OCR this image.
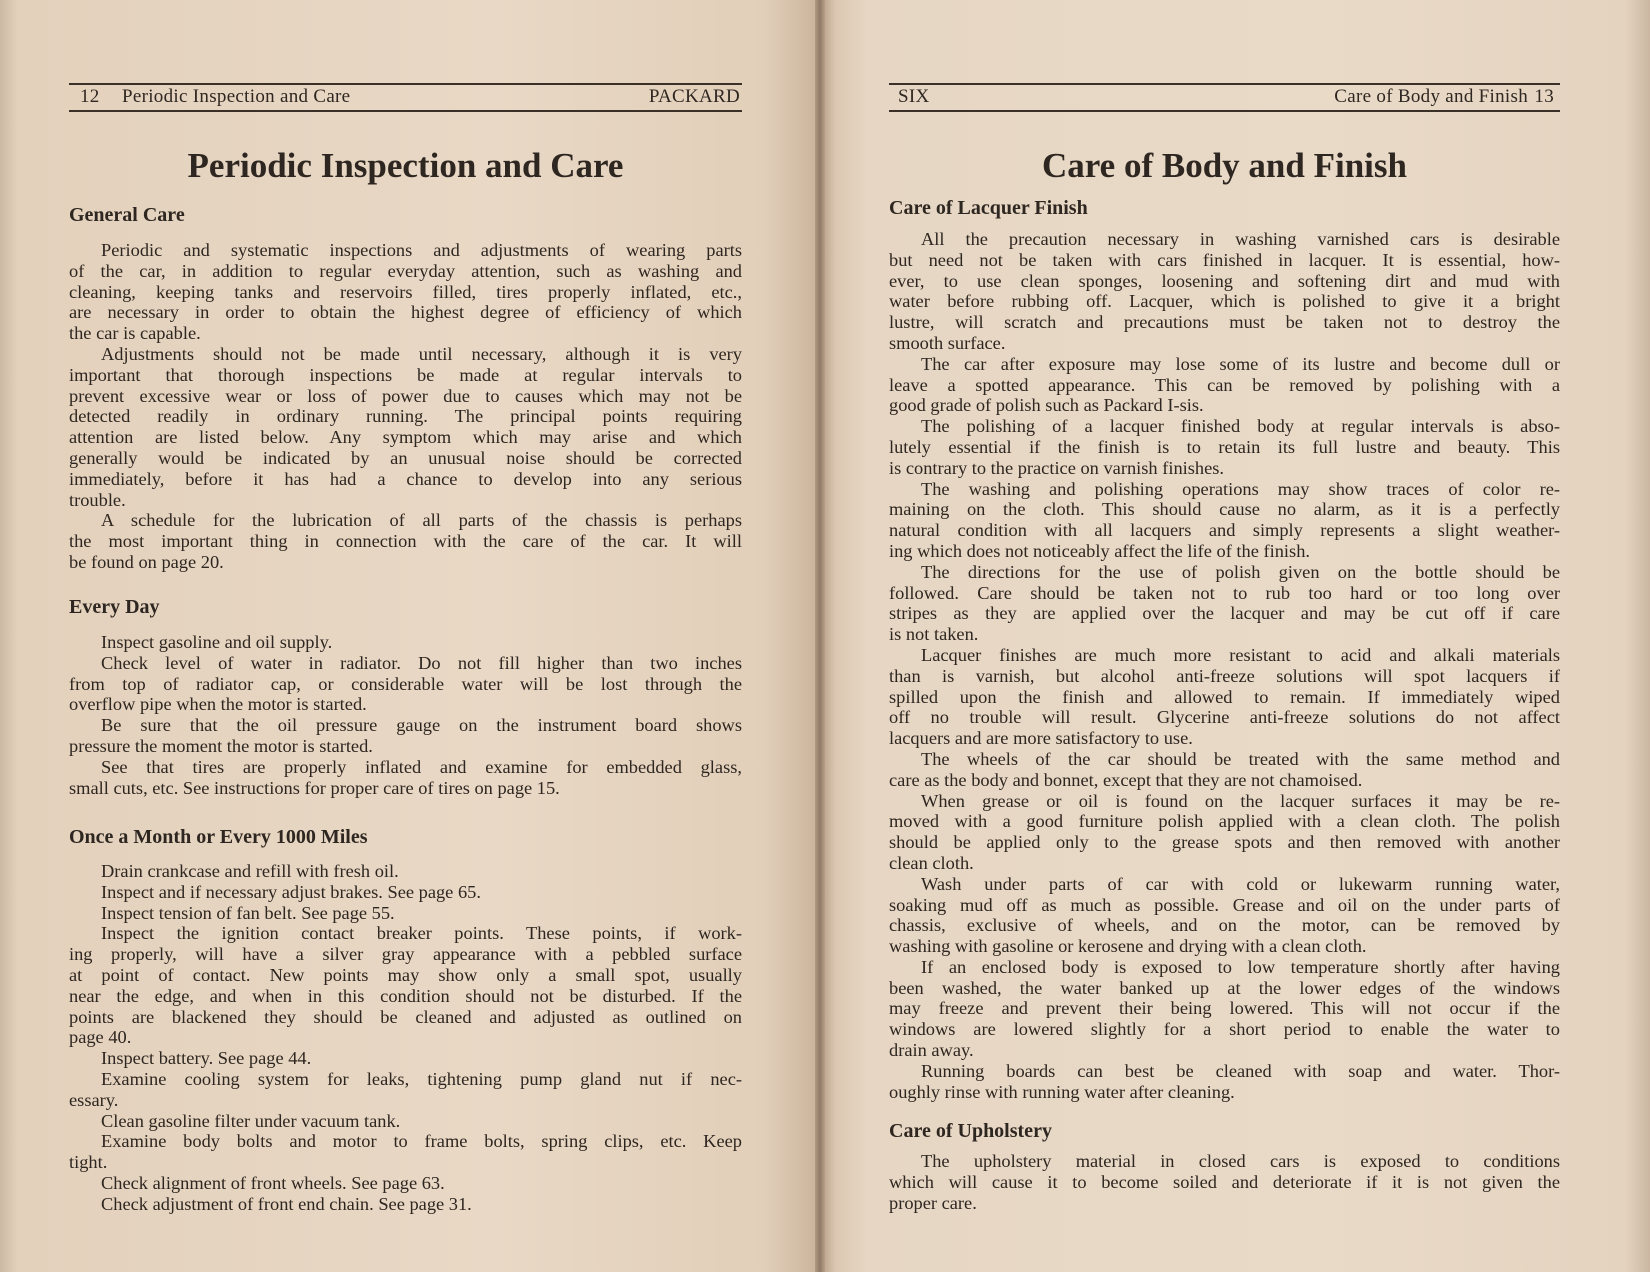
12 Periodic Inspection and Care	PACKARD
Periodic Inspection and Care
General Care
Periodic and systematic inspections and adjustments of wearing parts
of the car, in addition to regular everyday attention, such as washing and
cleaning, keeping tanks and reservoirs filled, tires properly inflated, etc.,
are necessary in order to obtain the highest degree of efficiency of which
the car is capable.
Adjustments should not be made until necessary, although it is very
important that thorough inspections be made at regular intervals to
prevent excessive wear or loss of power due to causes which may not be
detected readily in ordinary running. The principal points requiring
attention are listed below. Any symptom which may arise and which
generally would be indicated by an unusual noise should be corrected
immediately, before it has had a chance to develop into any serious
trouble.
A schedule for the lubrication of all parts of the chassis is perhaps
the most important thing in connection with the care of the car. It will
be found on page 20.
Every Day
Inspect gasoline and oil supply.
Check level of water in radiator. Do not fill higher than two inches
from top of radiator cap, or considerable water will be lost through the
overflow pipe when the motor is started.
Be sure that the oil pressure gauge on the instrument board shows
pressure the moment the motor is started.
See that tires are properly inflated and examine for embedded glass,
small cuts, etc. See instructions for proper care of tires on page 15.
Once a Month or Every 1000 Miles
Drain crankcase and refill with fresh oil.
Inspect and if necessary adjust brakes. See page 65.
Inspect tension of fan belt. See page 55.
Inspect the ignition contact breaker points. These points, if work-
ing properly, will have a silver gray appearance with a pebbled surface
at point of contact. New points may show only a small spot, usually
near the edge, and when in this condition should not be disturbed. If the
points are blackened they should be cleaned and adjusted as outlined on
page 40.
Inspect battery. See page 44.
Examine cooling system for leaks, tightening pump gland nut if nec-
essary.
Clean gasoline filter under vacuum tank.
Examine body bolts and motor to frame bolts, spring clips, etc. Keep
tight.
Check alignment of front wheels. See page 63.
Check adjustment of front end chain. See page 31.
SIX	Care of Body and Finish 13
Care of Body and Finish
Care of Lacquer Finish
All the precaution necessary in washing varnished cars is desirable
but need not be taken with cars finished in lacquer. It is essential, how-
ever, to use clean sponges, loosening and softening dirt and mud with
water before rubbing off. Lacquer, which is polished to give it a bright
lustre, will scratch and precautions must be taken not to destroy the
smooth surface.
The car after exposure may lose some of its lustre and become dull or
leave a spotted appearance. This can be removed by polishing with a
good grade of polish such as Packard I-sis.
The polishing of a lacquer finished body at regular intervals is abso-
lutely essential if the finish is to retain its full lustre and beauty. This
is contrary to the practice on varnish finishes.
The washing and polishing operations may show traces of color re-
maining on the cloth. This should cause no alarm, as it is a perfectly
natural condition with all lacquers and simply represents a slight weather-
ing which does not noticeably affect the life of the finish.
The directions for the use of polish given on the bottle should be
followed. Care should be taken not to rub too hard or too long over
stripes as they are applied over the lacquer and may be cut off if care
is not taken.
Lacquer finishes are much more resistant to acid and alkali materials
than is varnish, but alcohol anti-freeze solutions will spot lacquers if
spilled upon the finish and allowed to remain. If immediately wiped
off no trouble will result. Glycerine anti-freeze solutions do not affect
lacquers and are more satisfactory to use.
The wheels of the car should be treated with the same method and
care as the body and bonnet, except that they are not chamoised.
When grease or oil is found on the lacquer surfaces it may be re-
moved with a good furniture polish applied with a clean cloth. The polish
should be applied only to the grease spots and then removed with another
clean cloth.
Wash under parts of car with cold or lukewarm running water,
soaking mud off as much as possible. Grease and oil on the under parts of
chassis, exclusive of wheels, and on the motor, can be removed by
washing with gasoline or kerosene and drying with a clean cloth.
If an enclosed body is exposed to low temperature shortly after having
been washed, the water banked up at the lower edges of the windows
may freeze and prevent their being lowered. This will not occur if the
windows are lowered slightly for a short period to enable the water to
drain away.
Running boards can best be cleaned with soap and water. Thor-
oughly rinse with running water after cleaning.
Care of Upholstery
The upholstery material in closed cars is exposed to conditions
which will cause it to become soiled and deteriorate if it is not given the
proper care.
